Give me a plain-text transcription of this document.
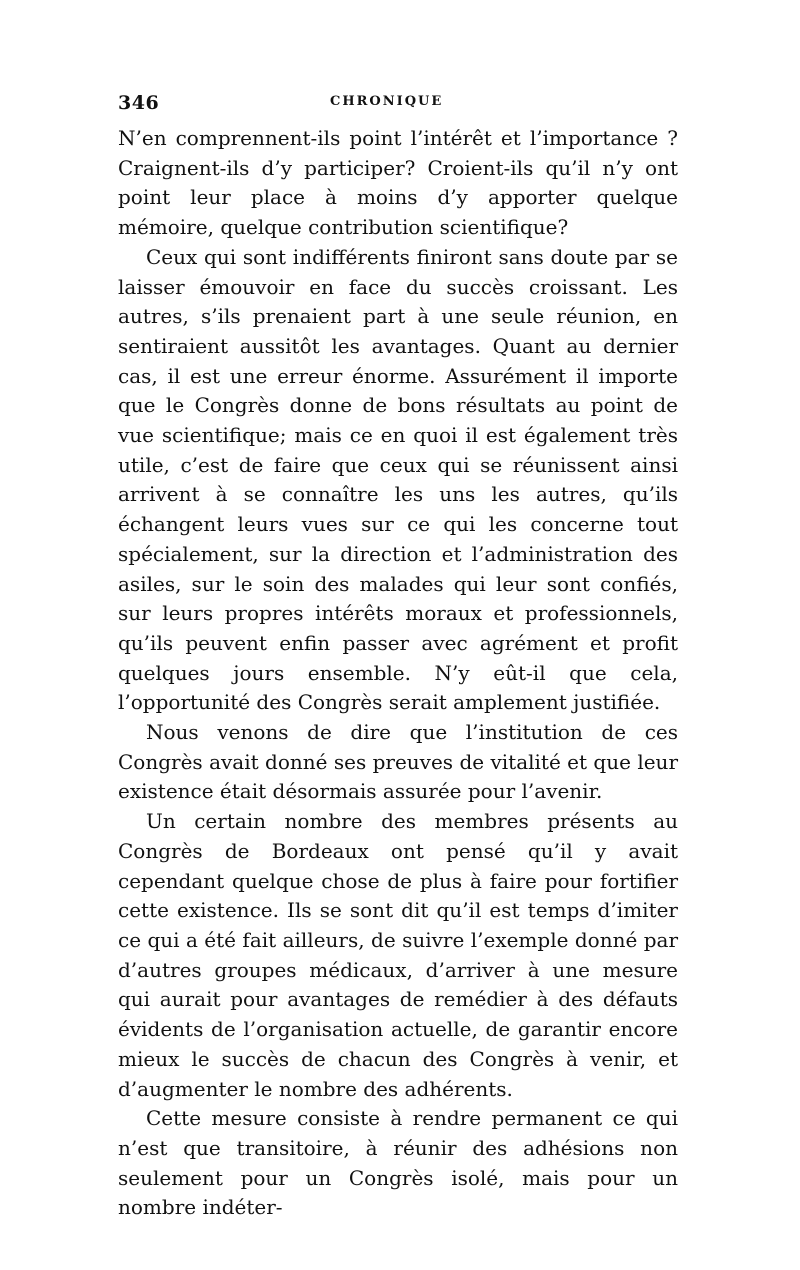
346	CHRONIQUE

N’en comprennent-ils point l’intérêt et l’importance ? Craignent-ils d’y participer? Croient-ils qu’il n’y ont point leur place à moins d’y apporter quelque mémoire, quelque contribution scientifique?

Ceux qui sont indifférents finiront sans doute par se laisser émouvoir en face du succès croissant. Les autres, s’ils prenaient part à une seule réunion, en sentiraient aussitôt les avantages. Quant au dernier cas, il est une erreur énorme. Assurément il importe que le Congrès donne de bons résultats au point de vue scientifique; mais ce en quoi il est également très utile, c’est de faire que ceux qui se réunissent ainsi arrivent à se connaître les uns les autres, qu’ils échangent leurs vues sur ce qui les concerne tout spécialement, sur la direction et l’administration des asiles, sur le soin des malades qui leur sont confiés, sur leurs propres intérêts moraux et professionnels, qu’ils peuvent enfin passer avec agrément et profit quelques jours ensemble. N’y eût-il que cela, l’opportunité des Congrès serait amplement justifiée.

Nous venons de dire que l’institution de ces Congrès avait donné ses preuves de vitalité et que leur existence était désormais assurée pour l’avenir.

Un certain nombre des membres présents au Congrès de Bordeaux ont pensé qu’il y avait cependant quelque chose de plus à faire pour fortifier cette existence. Ils se sont dit qu’il est temps d’imiter ce qui a été fait ailleurs, de suivre l’exemple donné par d’autres groupes médicaux, d’arriver à une mesure qui aurait pour avantages de remédier à des défauts évidents de l’organisation actuelle, de garantir encore mieux le succès de chacun des Congrès à venir, et d’augmenter le nombre des adhérents.

Cette mesure consiste à rendre permanent ce qui n’est que transitoire, à réunir des adhésions non seulement pour un Congrès isolé, mais pour un nombre indéter-
